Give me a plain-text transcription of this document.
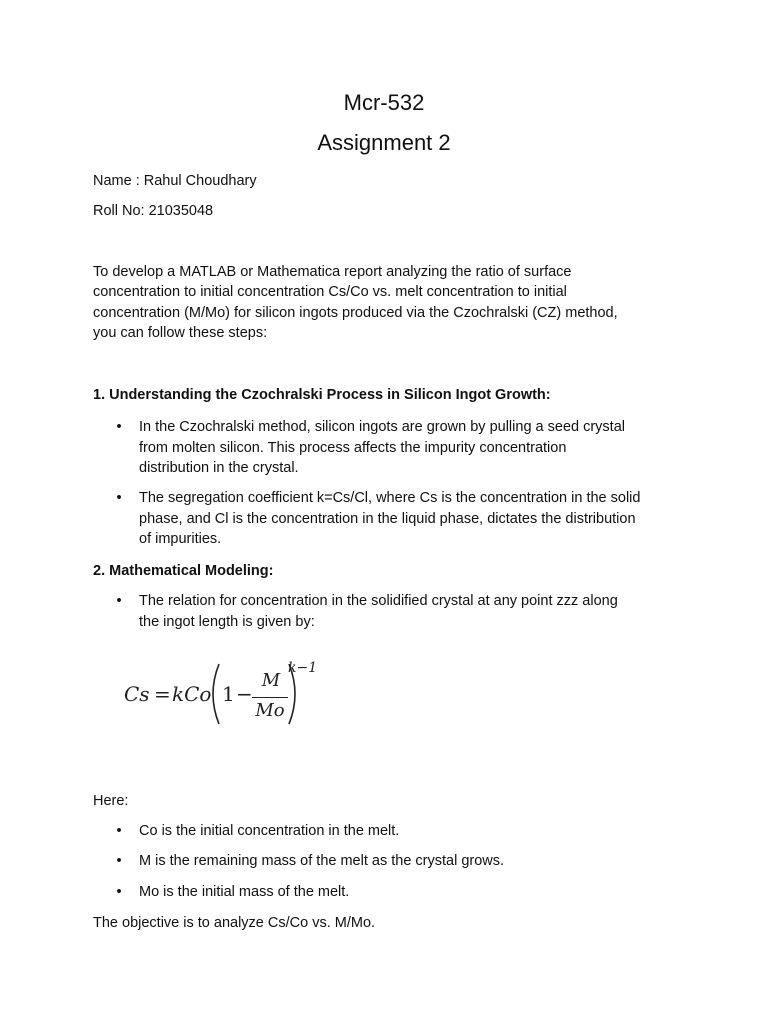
Mcr-532
Assignment 2

Name : Rahul Choudhary

Roll No: 21035048

To develop a MATLAB or Mathematica report analyzing the ratio of surface

concentration to initial concentration Cs/Co vs. melt concentration to initial

concentration (M/Mo) for silicon ingots produced via the Czochralski (CZ) method,

you can follow these steps:

1. Understanding the Czochralski Process in Silicon Ingot Growth:

• In the Czochralski method, silicon ingots are grown by pulling a seed crystal
from molten silicon. This process affects the impurity concentration
distribution in the crystal.
• The segregation coefficient k=Cs/Cl, where Cs is the concentration in the solid
phase, and Cl is the concentration in the liquid phase, dictates the distribution
of impurities.

2. Mathematical Modeling:

• The relation for concentration in the solidified crystal at any point zzz along
the ingot length is given by:
Cs = kCo 1 −
M
Mo
k−1

Here:

• Co is the initial concentration in the melt.
• M is the remaining mass of the melt as the crystal grows.
• Mo is the initial mass of the melt.

The objective is to analyze Cs/Co vs. M/Mo.
